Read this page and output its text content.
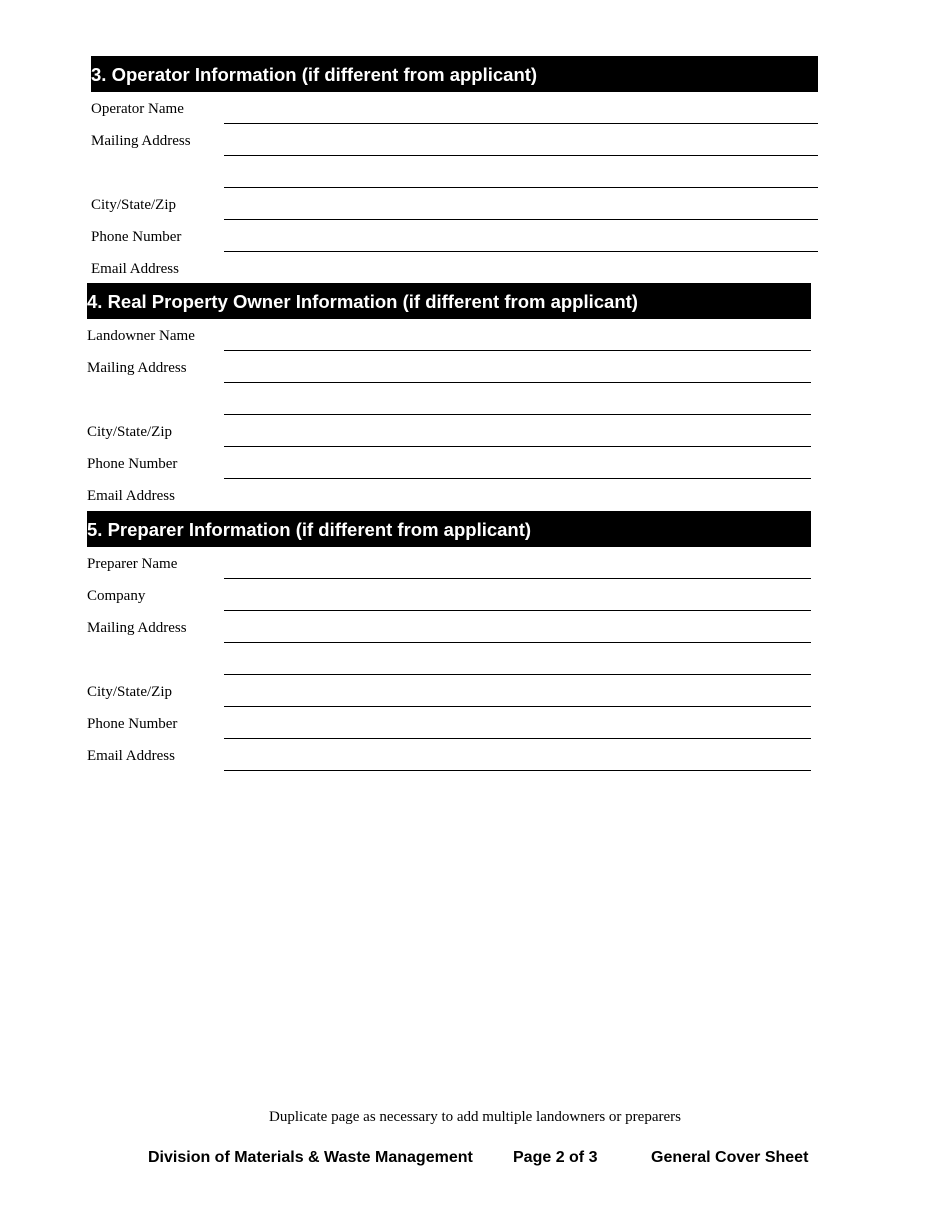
3. Operator Information (if different from applicant)
Operator Name
Mailing Address
City/State/Zip
Phone Number
Email Address
4. Real Property Owner Information (if different from applicant)
Landowner Name
Mailing Address
City/State/Zip
Phone Number
Email Address
5. Preparer Information (if different from applicant)
Preparer Name
Company
Mailing Address
City/State/Zip
Phone Number
Email Address
Duplicate page as necessary to add multiple landowners or preparers
Division of Materials & Waste Management	Page 2 of 3	General Cover Sheet
